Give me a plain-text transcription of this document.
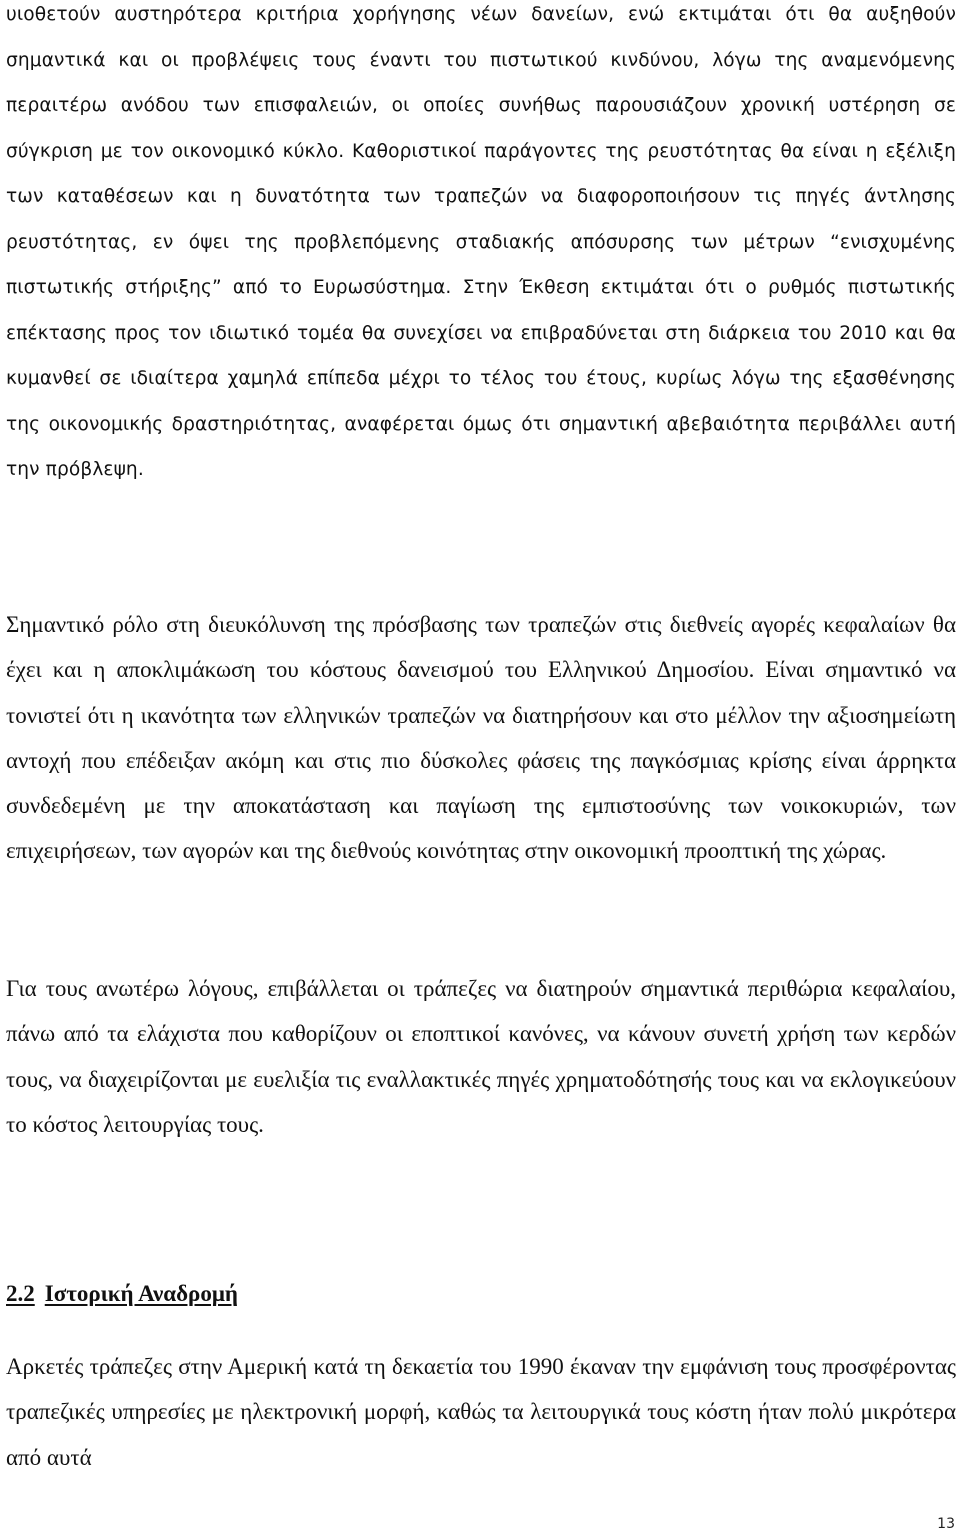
υιοθετούν αυστηρότερα κριτήρια χορήγησης νέων δανείων, ενώ εκτιμάται ότι θα αυξηθούν σημαντικά και οι προβλέψεις τους έναντι του πιστωτικού κινδύνου, λόγω της αναμενόμενης περαιτέρω ανόδου των επισφαλειών, οι οποίες συνήθως παρουσιάζουν χρονική υστέρηση σε σύγκριση με τον οικονομικό κύκλο. Καθοριστικοί παράγοντες της ρευστότητας θα είναι η εξέλιξη των καταθέσεων και η δυνατότητα των τραπεζών να διαφοροποιήσουν τις πηγές άντλησης ρευστότητας, εν όψει της προβλεπόμενης σταδιακής απόσυρσης των μέτρων “ενισχυμένης πιστωτικής στήριξης” από το Ευρωσύστημα. Στην Έκθεση εκτιμάται ότι ο ρυθμός πιστωτικής επέκτασης προς τον ιδιωτικό τομέα θα συνεχίσει να επιβραδύνεται στη διάρκεια του 2010 και θα κυμανθεί σε ιδιαίτερα χαμηλά επίπεδα μέχρι το τέλος του έτους, κυρίως λόγω της εξασθένησης της οικονομικής δραστηριότητας, αναφέρεται όμως ότι σημαντική αβεβαιότητα περιβάλλει αυτή την πρόβλεψη.

Σημαντικό ρόλο στη διευκόλυνση της πρόσβασης των τραπεζών στις διεθνείς αγορές κεφαλαίων θα έχει και η αποκλιμάκωση του κόστους δανεισμού του Ελληνικού Δημοσίου. Είναι σημαντικό να τονιστεί ότι η ικανότητα των ελληνικών τραπεζών να διατηρήσουν και στο μέλλον την αξιοσημείωτη αντοχή που επέδειξαν ακόμη και στις πιο δύσκολες φάσεις της παγκόσμιας κρίσης είναι άρρηκτα συνδεδεμένη με την αποκατάσταση και παγίωση της εμπιστοσύνης των νοικοκυριών, των επιχειρήσεων, των αγορών και της διεθνούς κοινότητας στην οικονομική προοπτική της χώρας.

Για τους ανωτέρω λόγους, επιβάλλεται οι τράπεζες να διατηρούν σημαντικά περιθώρια κεφαλαίου, πάνω από τα ελάχιστα που καθορίζουν οι εποπτικοί κανόνες, να κάνουν συνετή χρήση των κερδών τους, να διαχειρίζονται με ευελιξία τις εναλλακτικές πηγές χρηματοδότησής τους και να εκλογικεύουν το κόστος λειτουργίας τους.

2.2 Ιστορική Αναδρομή

Αρκετές τράπεζες στην Αμερική κατά τη δεκαετία του 1990 έκαναν την εμφάνιση τους προσφέροντας τραπεζικές υπηρεσίες με ηλεκτρονική μορφή, καθώς τα λειτουργικά τους κόστη ήταν πολύ μικρότερα από αυτά

13
